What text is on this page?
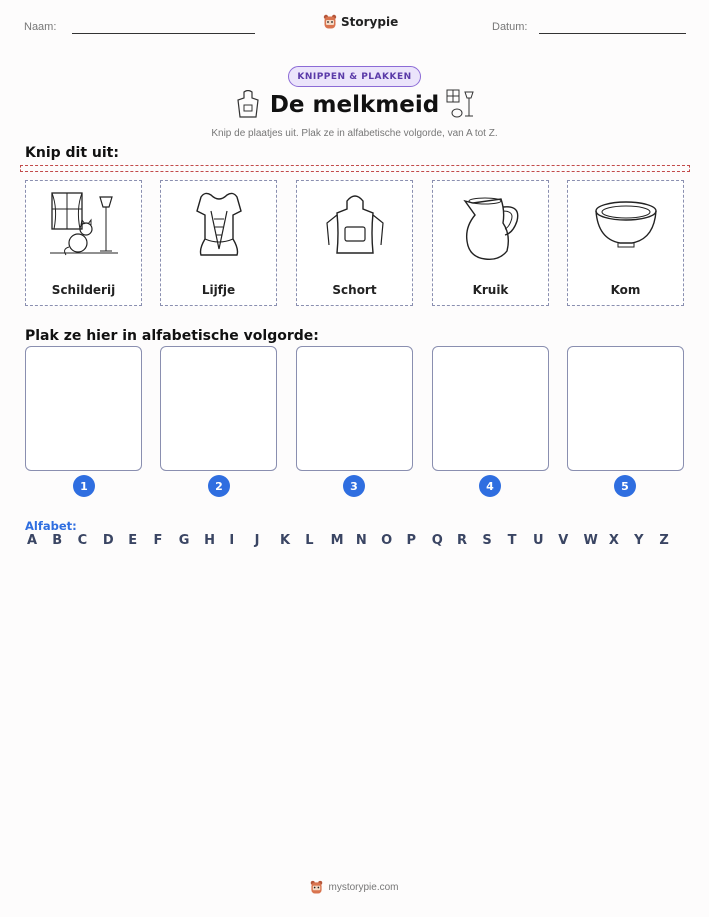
Naam:	Storypie	Datum:
KNIPPEN & PLAKKEN
De melkmeid
Knip de plaatjes uit. Plak ze in alfabetische volgorde, van A tot Z.
Knip dit uit:
Schilderij	Lijfje	Schort	Kruik	Kom
Plak ze hier in alfabetische volgorde:
1	2	3	4	5
Alfabet:
A	B	C	D	E	F	G	H	I	J	K	L	M N	O	P	Q	R	S	T	U	V	W X	Y	Z
mystorypie.com
